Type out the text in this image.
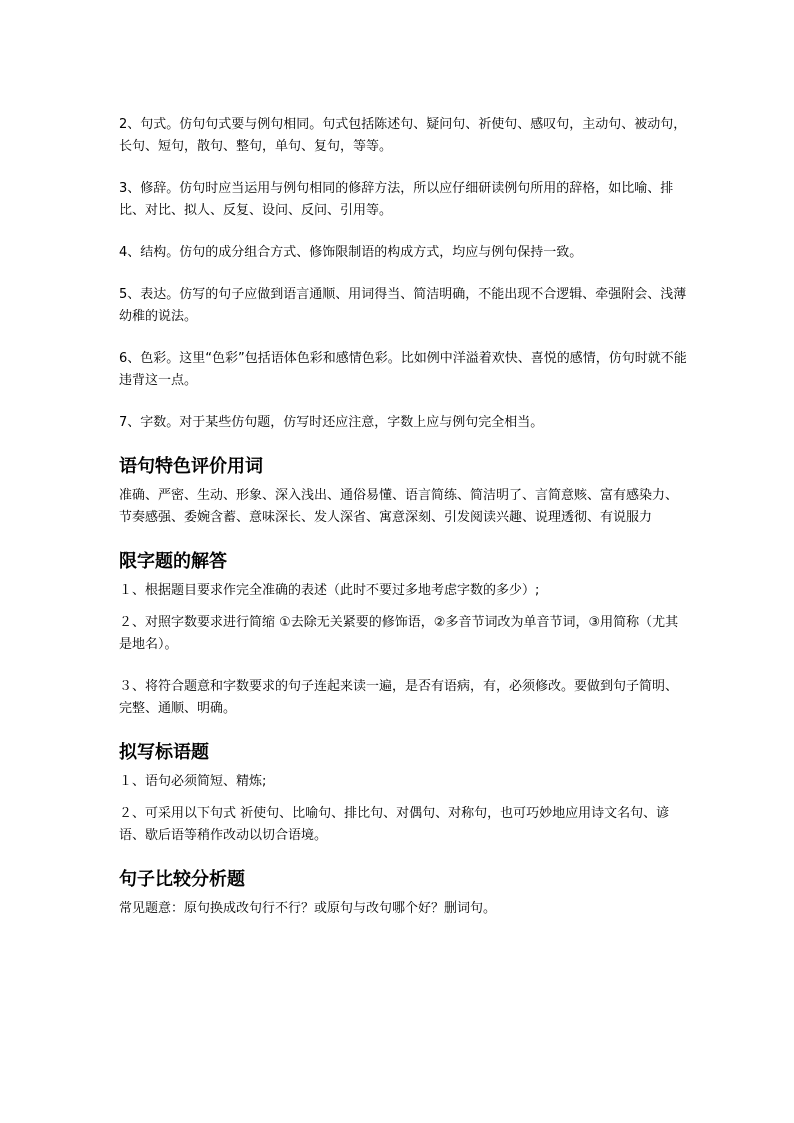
2、句式。仿句句式要与例句相同。句式包括陈述句、疑问句、祈使句、感叹句，主动句、被动句，长句、短句，散句、整句，单句、复句，等等。

3、修辞。仿句时应当运用与例句相同的修辞方法，所以应仔细研读例句所用的辞格，如比喻、排比、对比、拟人、反复、设问、反问、引用等。

4、结构。仿句的成分组合方式、修饰限制语的构成方式，均应与例句保持一致。

5、表达。仿写的句子应做到语言通顺、用词得当、简洁明确，不能出现不合逻辑、牵强附会、浅薄幼稚的说法。

6、色彩。这里“色彩”包括语体色彩和感情色彩。比如例中洋溢着欢快、喜悦的感情，仿句时就不能违背这一点。

7、字数。对于某些仿句题，仿写时还应注意，字数上应与例句完全相当。

语句特色评价用词

准确、严密、生动、形象、深入浅出、通俗易懂、语言简练、简洁明了、言简意赅、富有感染力、节奏感强、委婉含蓄、意味深长、发人深省、寓意深刻、引发阅读兴趣、说理透彻、有说服力

限字题的解答

１、根据题目要求作完全准确的表述（此时不要过多地考虑字数的多少）;

２、对照字数要求进行简缩 ①去除无关紧要的修饰语，②多音节词改为单音节词，③用简称（尤其是地名）。

３、将符合题意和字数要求的句子连起来读一遍，是否有语病，有，必须修改。要做到句子简明、完整、通顺、明确。

拟写标语题

１、语句必须简短、精炼;

２、可采用以下句式 祈使句、比喻句、排比句、对偶句、对称句，也可巧妙地应用诗文名句、谚语、歇后语等稍作改动以切合语境。

句子比较分析题

常见题意：原句换成改句行不行？或原句与改句哪个好？删词句。
